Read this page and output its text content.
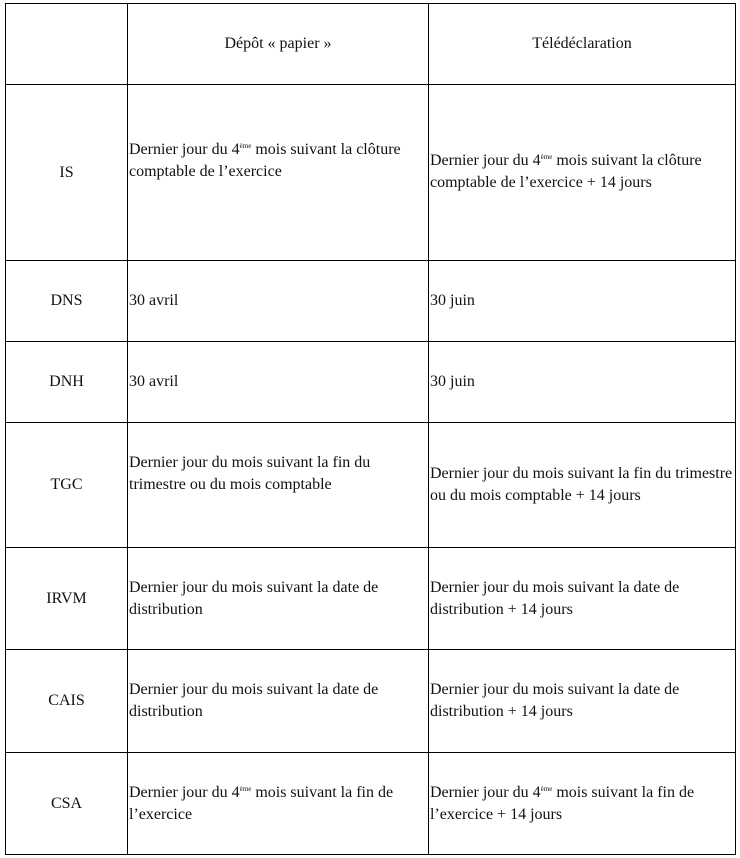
	Dépôt « papier »	Télédéclaration
IS	Dernier jour du 4ème mois suivant la clôture comptable de l’exercice	Dernier jour du 4ème mois suivant la clôture comptable de l’exercice + 14 jours

DNS	30 avril	30 juin

DNH	30 avril	30 juin

TGC	Dernier jour du mois suivant la fin du trimestre ou du mois comptable	Dernier jour du mois suivant la fin du trimestre ou du mois comptable + 14 jours

IRVM	Dernier jour du mois suivant la date de distribution	Dernier jour du mois suivant la date de distribution + 14 jours

CAIS	Dernier jour du mois suivant la date de distribution	Dernier jour du mois suivant la date de distribution + 14 jours

CSA	Dernier jour du 4ème mois suivant la fin de l’exercice	Dernier jour du 4ème mois suivant la fin de l’exercice + 14 jours
